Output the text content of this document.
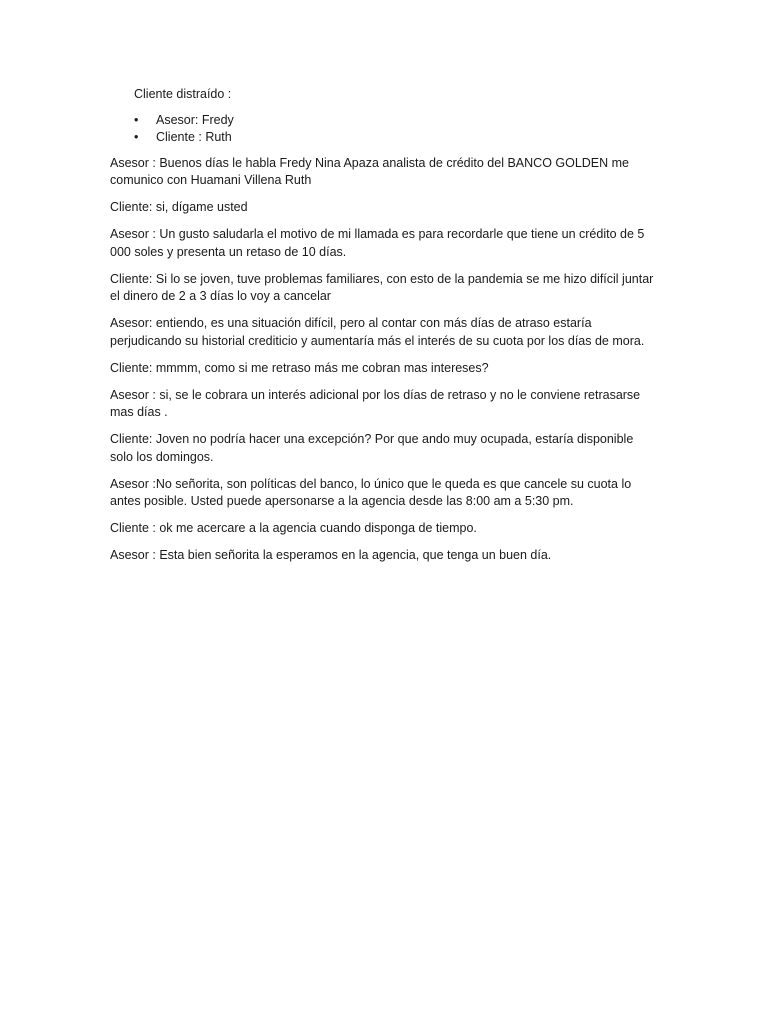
Cliente distraído :

• Asesor: Fredy
• Cliente : Ruth

Asesor : Buenos días le habla Fredy Nina Apaza analista de crédito del BANCO GOLDEN me comunico con Huamani Villena Ruth

Cliente: si, dígame usted

Asesor : Un gusto saludarla el motivo de mi llamada es para recordarle que tiene un crédito de 5 000 soles y presenta un retaso de 10 días.

Cliente: Si lo se joven, tuve problemas familiares, con esto de la pandemia se me hizo difícil juntar el dinero de 2 a 3 días lo voy a cancelar

Asesor: entiendo, es una situación difícil, pero al contar con más días de atraso estaría perjudicando su historial crediticio y aumentaría más el interés de su cuota por los días de mora.

Cliente: mmmm, como si me retraso más me cobran mas intereses?

Asesor : si, se le cobrara un interés adicional por los días de retraso y no le conviene retrasarse mas días .

Cliente: Joven no podría hacer una excepción? Por que ando muy ocupada, estaría disponible solo los domingos.

Asesor :No señorita, son políticas del banco, lo único que le queda es que cancele su cuota lo antes posible. Usted puede apersonarse a la agencia desde las 8:00 am a 5:30 pm.

Cliente : ok me acercare a la agencia cuando disponga de tiempo.

Asesor : Esta bien señorita la esperamos en la agencia, que tenga un buen día.
